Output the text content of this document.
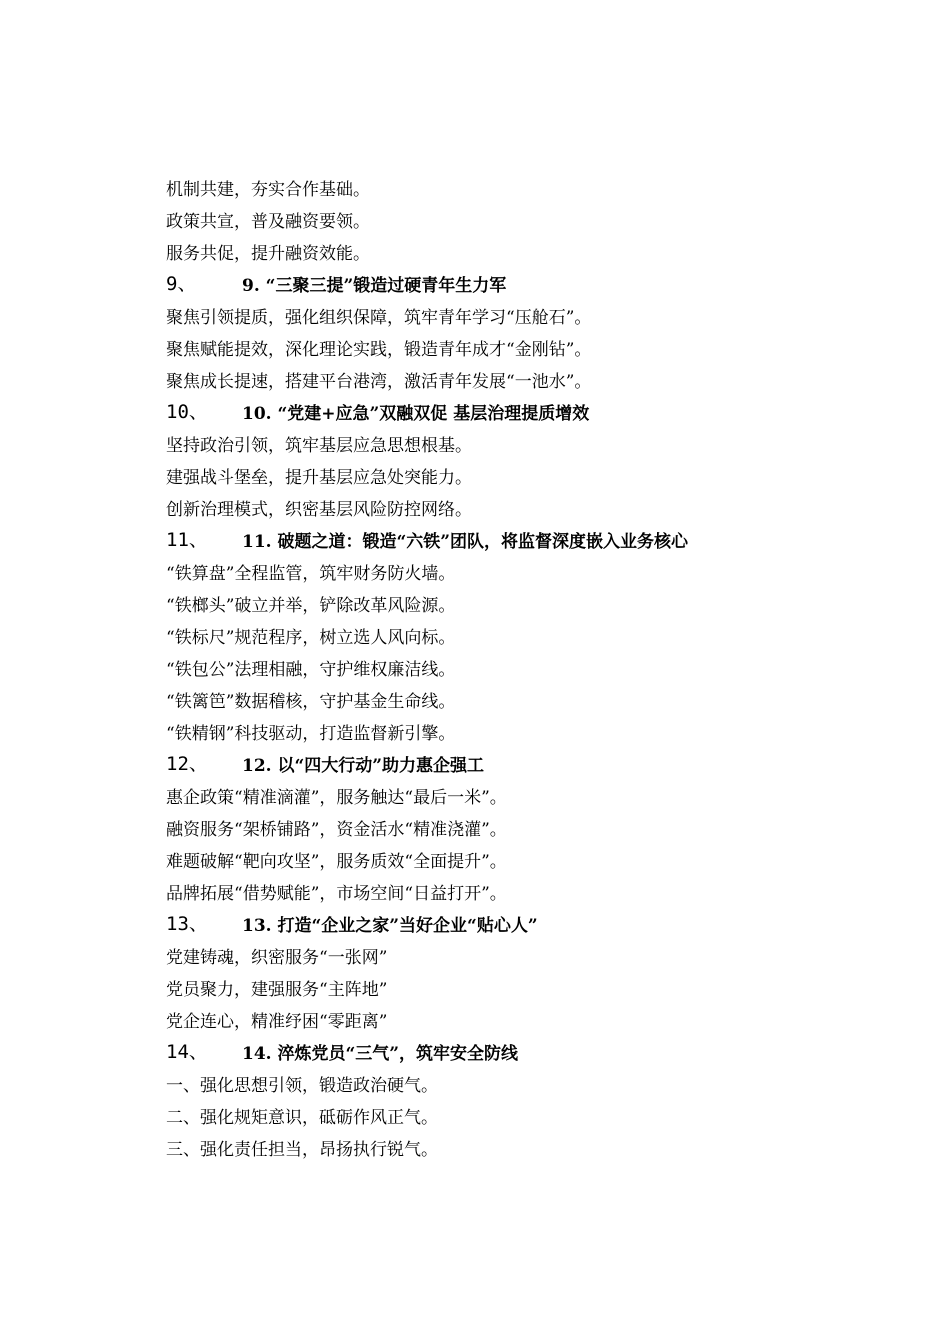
机制共建，夯实合作基础。
政策共宣，普及融资要领。
服务共促，提升融资效能。
9、	9. “三聚三提”锻造过硬青年生力军
聚焦引领提质，强化组织保障，筑牢青年学习“压舱石”。
聚焦赋能提效，深化理论实践，锻造青年成才“金刚钻”。
聚焦成长提速，搭建平台港湾，激活青年发展“一池水”。
10、 10. “党建+应急”双融双促 基层治理提质增效
坚持政治引领，筑牢基层应急思想根基。
建强战斗堡垒，提升基层应急处突能力。
创新治理模式，织密基层风险防控网络。
11、 11. 破题之道：锻造“六铁”团队，将监督深度嵌入业务核心
“铁算盘”全程监管，筑牢财务防火墙。
“铁榔头”破立并举，铲除改革风险源。
“铁标尺”规范程序，树立选人风向标。
“铁包公”法理相融，守护维权廉洁线。
“铁篱笆”数据稽核，守护基金生命线。
“铁精钢”科技驱动，打造监督新引擎。
12、 12. 以“四大行动”助力惠企强工
惠企政策“精准滴灌”，服务触达“最后一米”。
融资服务“架桥铺路”，资金活水“精准浇灌”。
难题破解“靶向攻坚”，服务质效“全面提升”。
品牌拓展“借势赋能”，市场空间“日益打开”。
13、 13. 打造“企业之家”当好企业“贴心人”
党建铸魂，织密服务“一张网”
党员聚力，建强服务“主阵地”
党企连心，精准纾困“零距离”
14、 14. 淬炼党员“三气”，筑牢安全防线
一、强化思想引领，锻造政治硬气。
二、强化规矩意识，砥砺作风正气。
三、强化责任担当，昂扬执行锐气。
